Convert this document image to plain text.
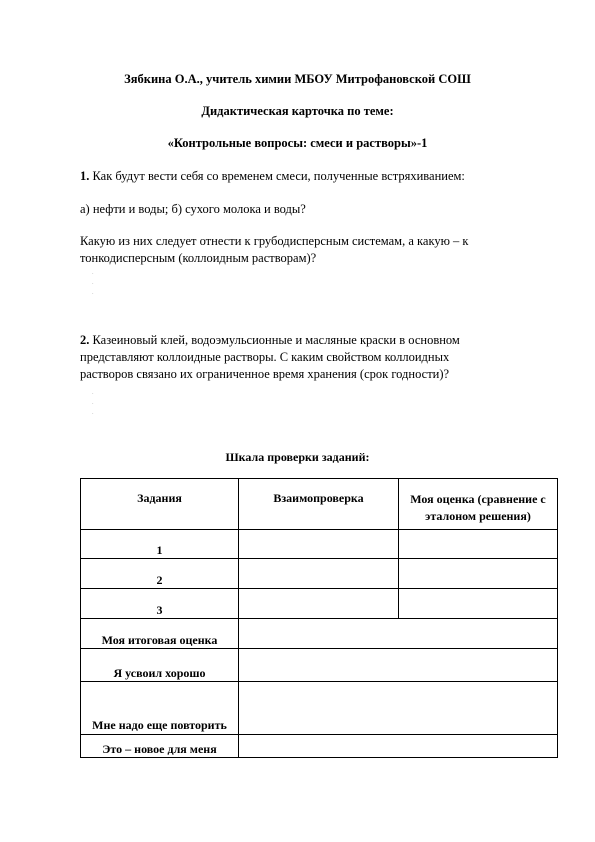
Зябкина О.А., учитель химии МБОУ Митрофановской СОШ
Дидактическая карточка по теме:
«Контрольные вопросы: смеси и растворы»-1
1. Как будут вести себя со временем смеси, полученные встряхиванием:
а) нефти и воды; б) сухого молока и воды?
Какую из них следует отнести к грубодисперсным системам, а какую – к
тонкодисперсным (коллоидным растворам)?
·
·
·
2. Казеиновый клей, водоэмульсионные и масляные краски в основном
представляют коллоидные растворы. С каким свойством коллоидных
растворов связано их ограниченное время хранения (срок годности)?
·
·
·
Шкала проверки заданий:
Задания	Взаимопроверка	Моя оценка (сравнение с эталоном решения)
1		
2		
3		
Моя итоговая оценка		
Я усвоил хорошо		
Мне надо еще повторить		
Это – новое для меня		
